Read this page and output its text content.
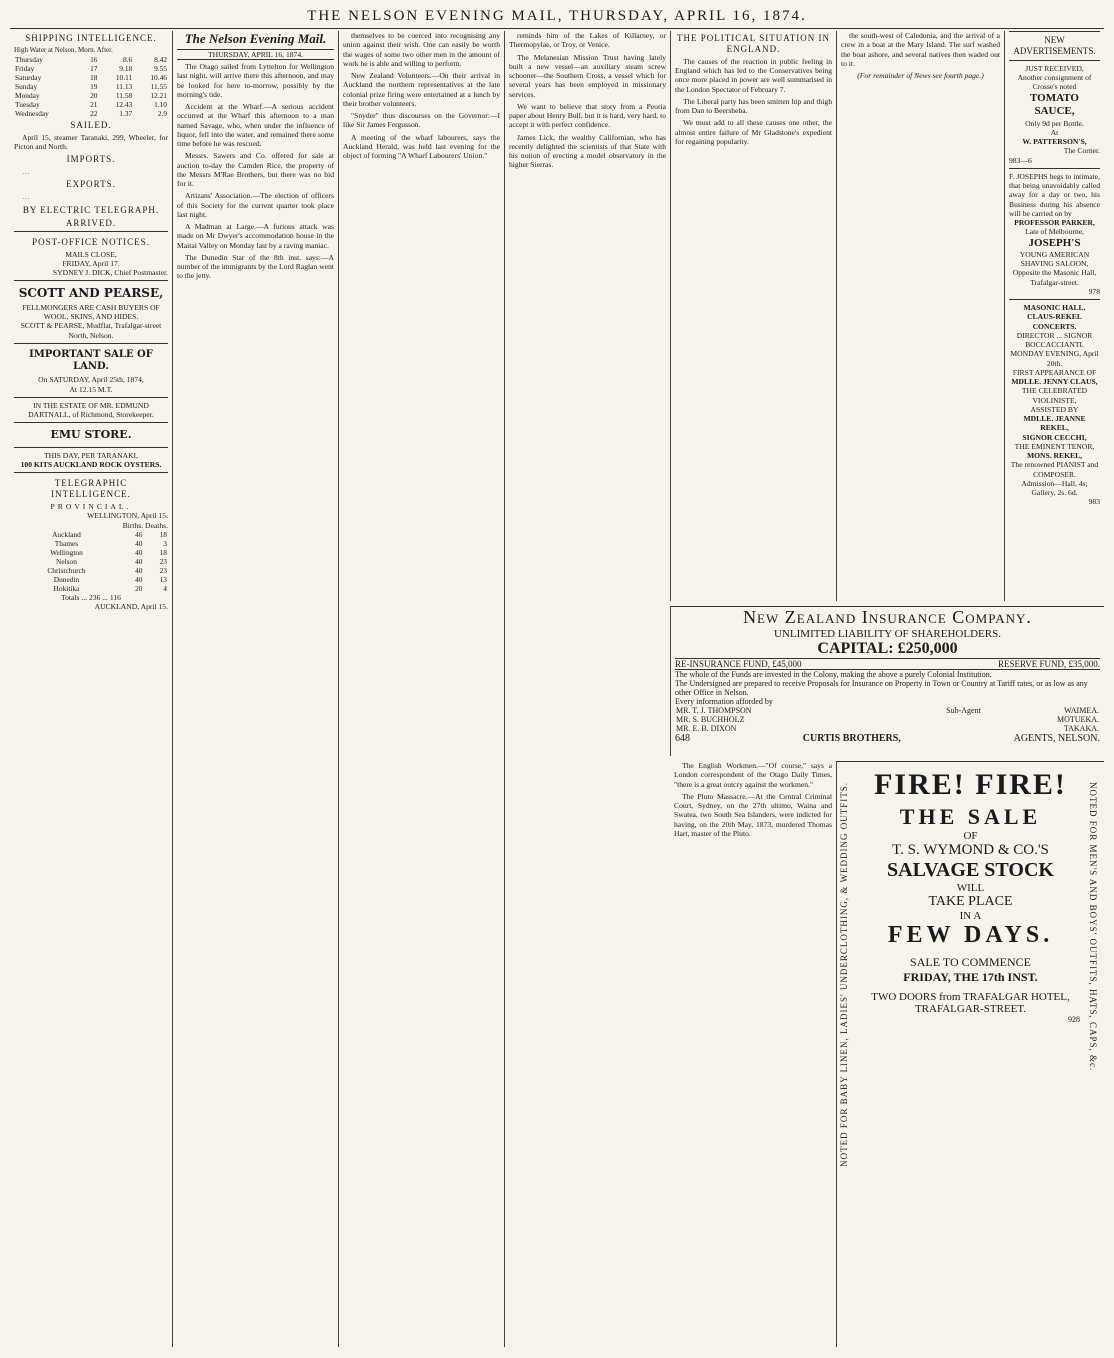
THE NELSON EVENING MAIL, THURSDAY, APRIL 16, 1874.
SHIPPING INTELLIGENCE.
High Water at Nelson. Morn. After.
Thursday	16	8.6	8.42
Friday	17	9.18	9.55
Saturday	18	10.11	10.46
Sunday	19	11.13	11.55
Monday	20	11.58	12.21
Tuesday	21	12.43	1.10
Wednesday	22	1.37	2.9
SAILED.

April 15, steamer Taranaki, 299, Wheeler, for Picton and North.

IMPORTS.

…

EXPORTS.

…

BY ELECTRIC TELEGRAPH.
ARRIVED.
POST-OFFICE NOTICES.
MAILS CLOSE,
FRIDAY, April 17.
SYDNEY J. DICK, Chief Postmaster.
SCOTT AND PEARSE,
FELLMONGERS ARE CASH BUYERS OF WOOL, SKINS, AND HIDES.
SCOTT & PEARSE, Mudflat, Trafalgar-street North, Nelson.
IMPORTANT SALE OF LAND.
On SATURDAY, April 25th, 1874,
At 12.15 M.T.
IN THE ESTATE OF MR. EDMUND DARTNALL, of Richmond, Storekeeper.
EMU STORE.
THIS DAY, PER TARANAKI,
100 KITS AUCKLAND ROCK OYSTERS.
TELEGRAPHIC INTELLIGENCE.
PROVINCIAL.
WELLINGTON, April 15.
Births. Deaths.
Auckland	46	18
Thames	40	3
Wellington	40	18
Nelson	40	23
Christchurch	40	23
Dunedin	40	13
Hokitika	20	4
Totals ... 236 ... 116
AUCKLAND, April 15.
The Nelson Evening Mail.
THURSDAY, APRIL 16, 1874.

The Otago sailed from Lyttelton for Wellington last night, will arrive there this afternoon, and may be looked for here to-morrow, possibly by the morning's tide.

Accident at the Wharf.—A serious accident occurred at the Wharf this afternoon to a man named Savage, who, when under the influence of liquor, fell into the water, and remained there some time before he was rescued.

Messrs. Sawers and Co. offered for sale at auction to-day the Camden Rice, the property of the Messrs M'Rae Brothers, but there was no bid for it.

Artizans' Association.—The election of officers of this Society for the current quarter took place last night.

A Madman at Large.—A furious attack was made on Mr Dwyer's accommodation house in the Maitai Valley on Monday last by a raving maniac.

The Dunedin Star of the 8th inst. says:—A number of the immigrants by the Lord Raglan went to the jetty.

themselves to be coerced into recognising any union against their wish. One can easily be worth the wages of some two other men in the amount of work he is able and willing to perform.

New Zealand Volunteers.—On their arrival in Auckland the northern representatives at the late colonial prize firing were entertained at a lunch by their brother volunteers.

"Snyder" thus discourses on the Governor:—I like Sir James Fergusson.

A meeting of the wharf labourers, says the Auckland Herald, was held last evening for the object of forming "A Wharf Labourers' Union."

reminds him of the Lakes of Killarney, or Thermopylae, or Troy, or Venice.

The Melanesian Mission Trust having lately built a new vessel—an auxiliary steam screw schooner—the Southern Cross, a vessel which for several years has been employed in missionary services.

We want to believe that story from a Peoria paper about Henry Bull, but it is hard, very hard, to accept it with perfect confidence.

James Lick, the wealthy Californian, who has recently delighted the scientists of that State with his notion of erecting a model observatory in the higher Sierras.

THE POLITICAL SITUATION IN ENGLAND.

The causes of the reaction in public feeling in England which has led to the Conservatives being once more placed in power are well summarised in the London Spectator of February 7.

The Liberal party has been smitten hip and thigh from Dan to Beersheba.

We must add to all these causes one other, the almost entire failure of Mr Gladstone's expedient for regaining popularity.

the south-west of Caledonia, and the arrival of a crew in a boat at the Mary Island. The surf washed the boat ashore, and several natives then waded out to it.

(For remainder of News see fourth page.)
NEW ADVERTISEMENTS.
JUST RECEIVED,
Another consignment of Crosse's noted
TOMATO SAUCE,
Only 9d per Bottle.
At
W. PATTERSON'S,
The Corner.
983—6
F. JOSEPHS begs to intimate, that being unavoidably called away for a day or two, his Business during his absence will be carried on by
PROFESSOR PARKER,
Late of Melbourne,
JOSEPH'S
YOUNG AMERICAN SHAVING SALOON,
Opposite the Masonic Hall, Trafalgar-street.
978
MASONIC HALL.
CLAUS-REKEL CONCERTS.
DIRECTOR ... SIGNOR BOCCACCIANTI.
MONDAY EVENING, April 20th.
FIRST APPEARANCE OF
MDLLE. JENNY CLAUS,
THE CELEBRATED VIOLINISTE,
ASSISTED BY
MDLLE. JEANNE REKEL,
SIGNOR CECCHI,
THE EMINENT TENOR,
MONS. REKEL,
The renowned PIANIST and COMPOSER.
Admission—Hall, 4s; Gallery, 2s. 6d.
983
New Zealand Insurance Company.
UNLIMITED LIABILITY OF SHAREHOLDERS.
CAPITAL: £250,000
RE-INSURANCE FUND, £45,000	RESERVE FUND, £35,000.
The whole of the Funds are invested in the Colony, making the above a purely Colonial Institution.
The Undersigned are prepared to receive Proposals for Insurance on Property in Town or Country at Tariff rates, or as low as any other Office in Nelson.
Every information afforded by
MR. T. J. THOMPSON	Sub-Agent	WAIMEA.
MR. S. BUCHHOLZ		MOTUEKA.
MR. E. B. DIXON		TAKAKA.
648	CURTIS BROTHERS,	AGENTS, NELSON.

The English Workmen.—"Of course," says a London correspondent of the Otago Daily Times, "there is a great outcry against the workmen."

The Pluto Massacre.—At the Central Criminal Court, Sydney, on the 27th ultimo, Waina and Swatea, two South Sea Islanders, were indicted for having, on the 20th May, 1873, murdered Thomas Hart, master of the Pluto.	NOTED FOR BABY LINEN, LADIES' UNDERCLOTHING, & WEDDING OUTFITS.	NOTED FOR MEN'S AND BOYS' OUTFITS, HATS, CAPS, &c.
FIRE! FIRE!
THE SALE
OF
T. S. WYMOND & CO.'S
SALVAGE STOCK
WILL
TAKE PLACE
IN A
FEW DAYS.
SALE TO COMMENCE
FRIDAY, THE 17th INST.
TWO DOORS from TRAFALGAR HOTEL,
TRAFALGAR-STREET.
928
